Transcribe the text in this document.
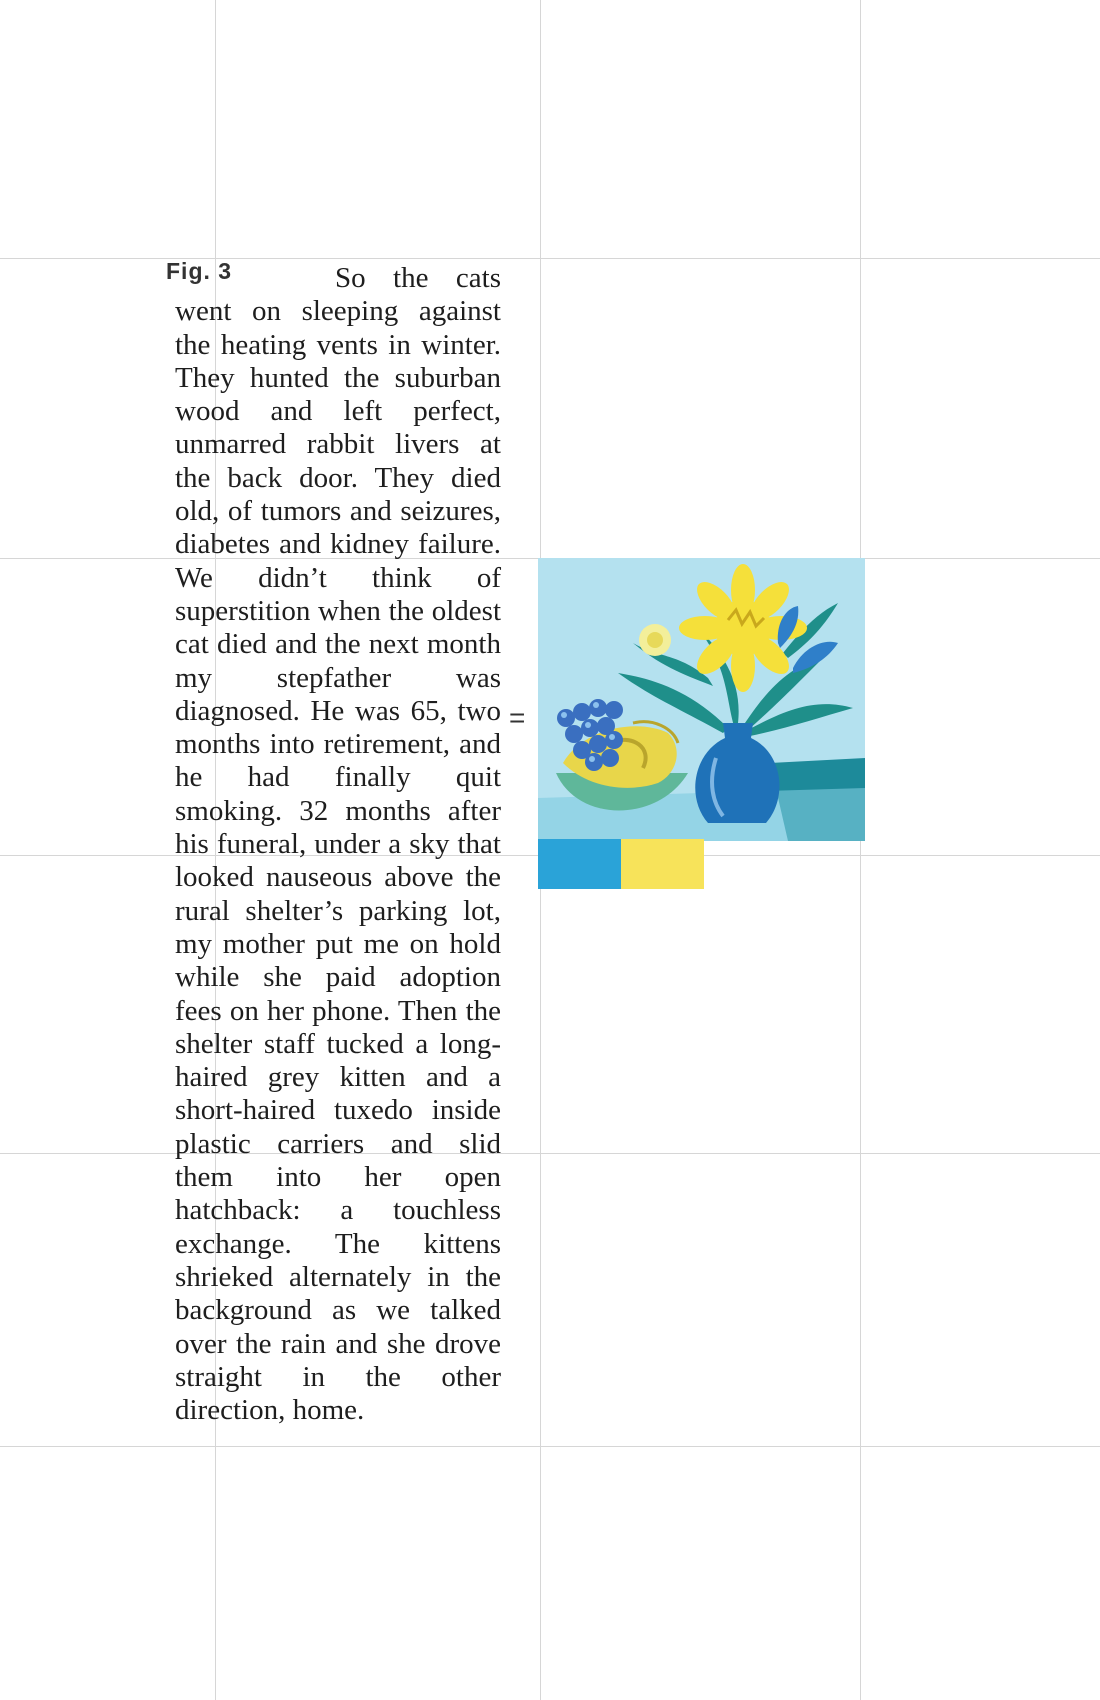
Fig. 3	So the cats went on sleeping against the heating vents in winter. They hunted the suburban wood and left perfect, unmarred rabbit livers at the back door. They died old, of tumors and seizures, diabetes and kidney failure. We didn’t think of superstition when the oldest cat died and the next month my stepfather was diagnosed. He was 65, two months into retirement, and he had finally quit smoking. 32 months after his funeral, under a sky that looked nauseous above the rural shelter’s parking lot, my mother put me on hold while she paid adoption fees on her phone. Then the shelter staff tucked a long-haired grey kitten and a short-haired tuxedo inside plastic carriers and slid them into her open hatchback: a touchless exchange. The kittens shrieked alternately in the background as we talked over the rain and she drove straight in the other direction, home.

=
